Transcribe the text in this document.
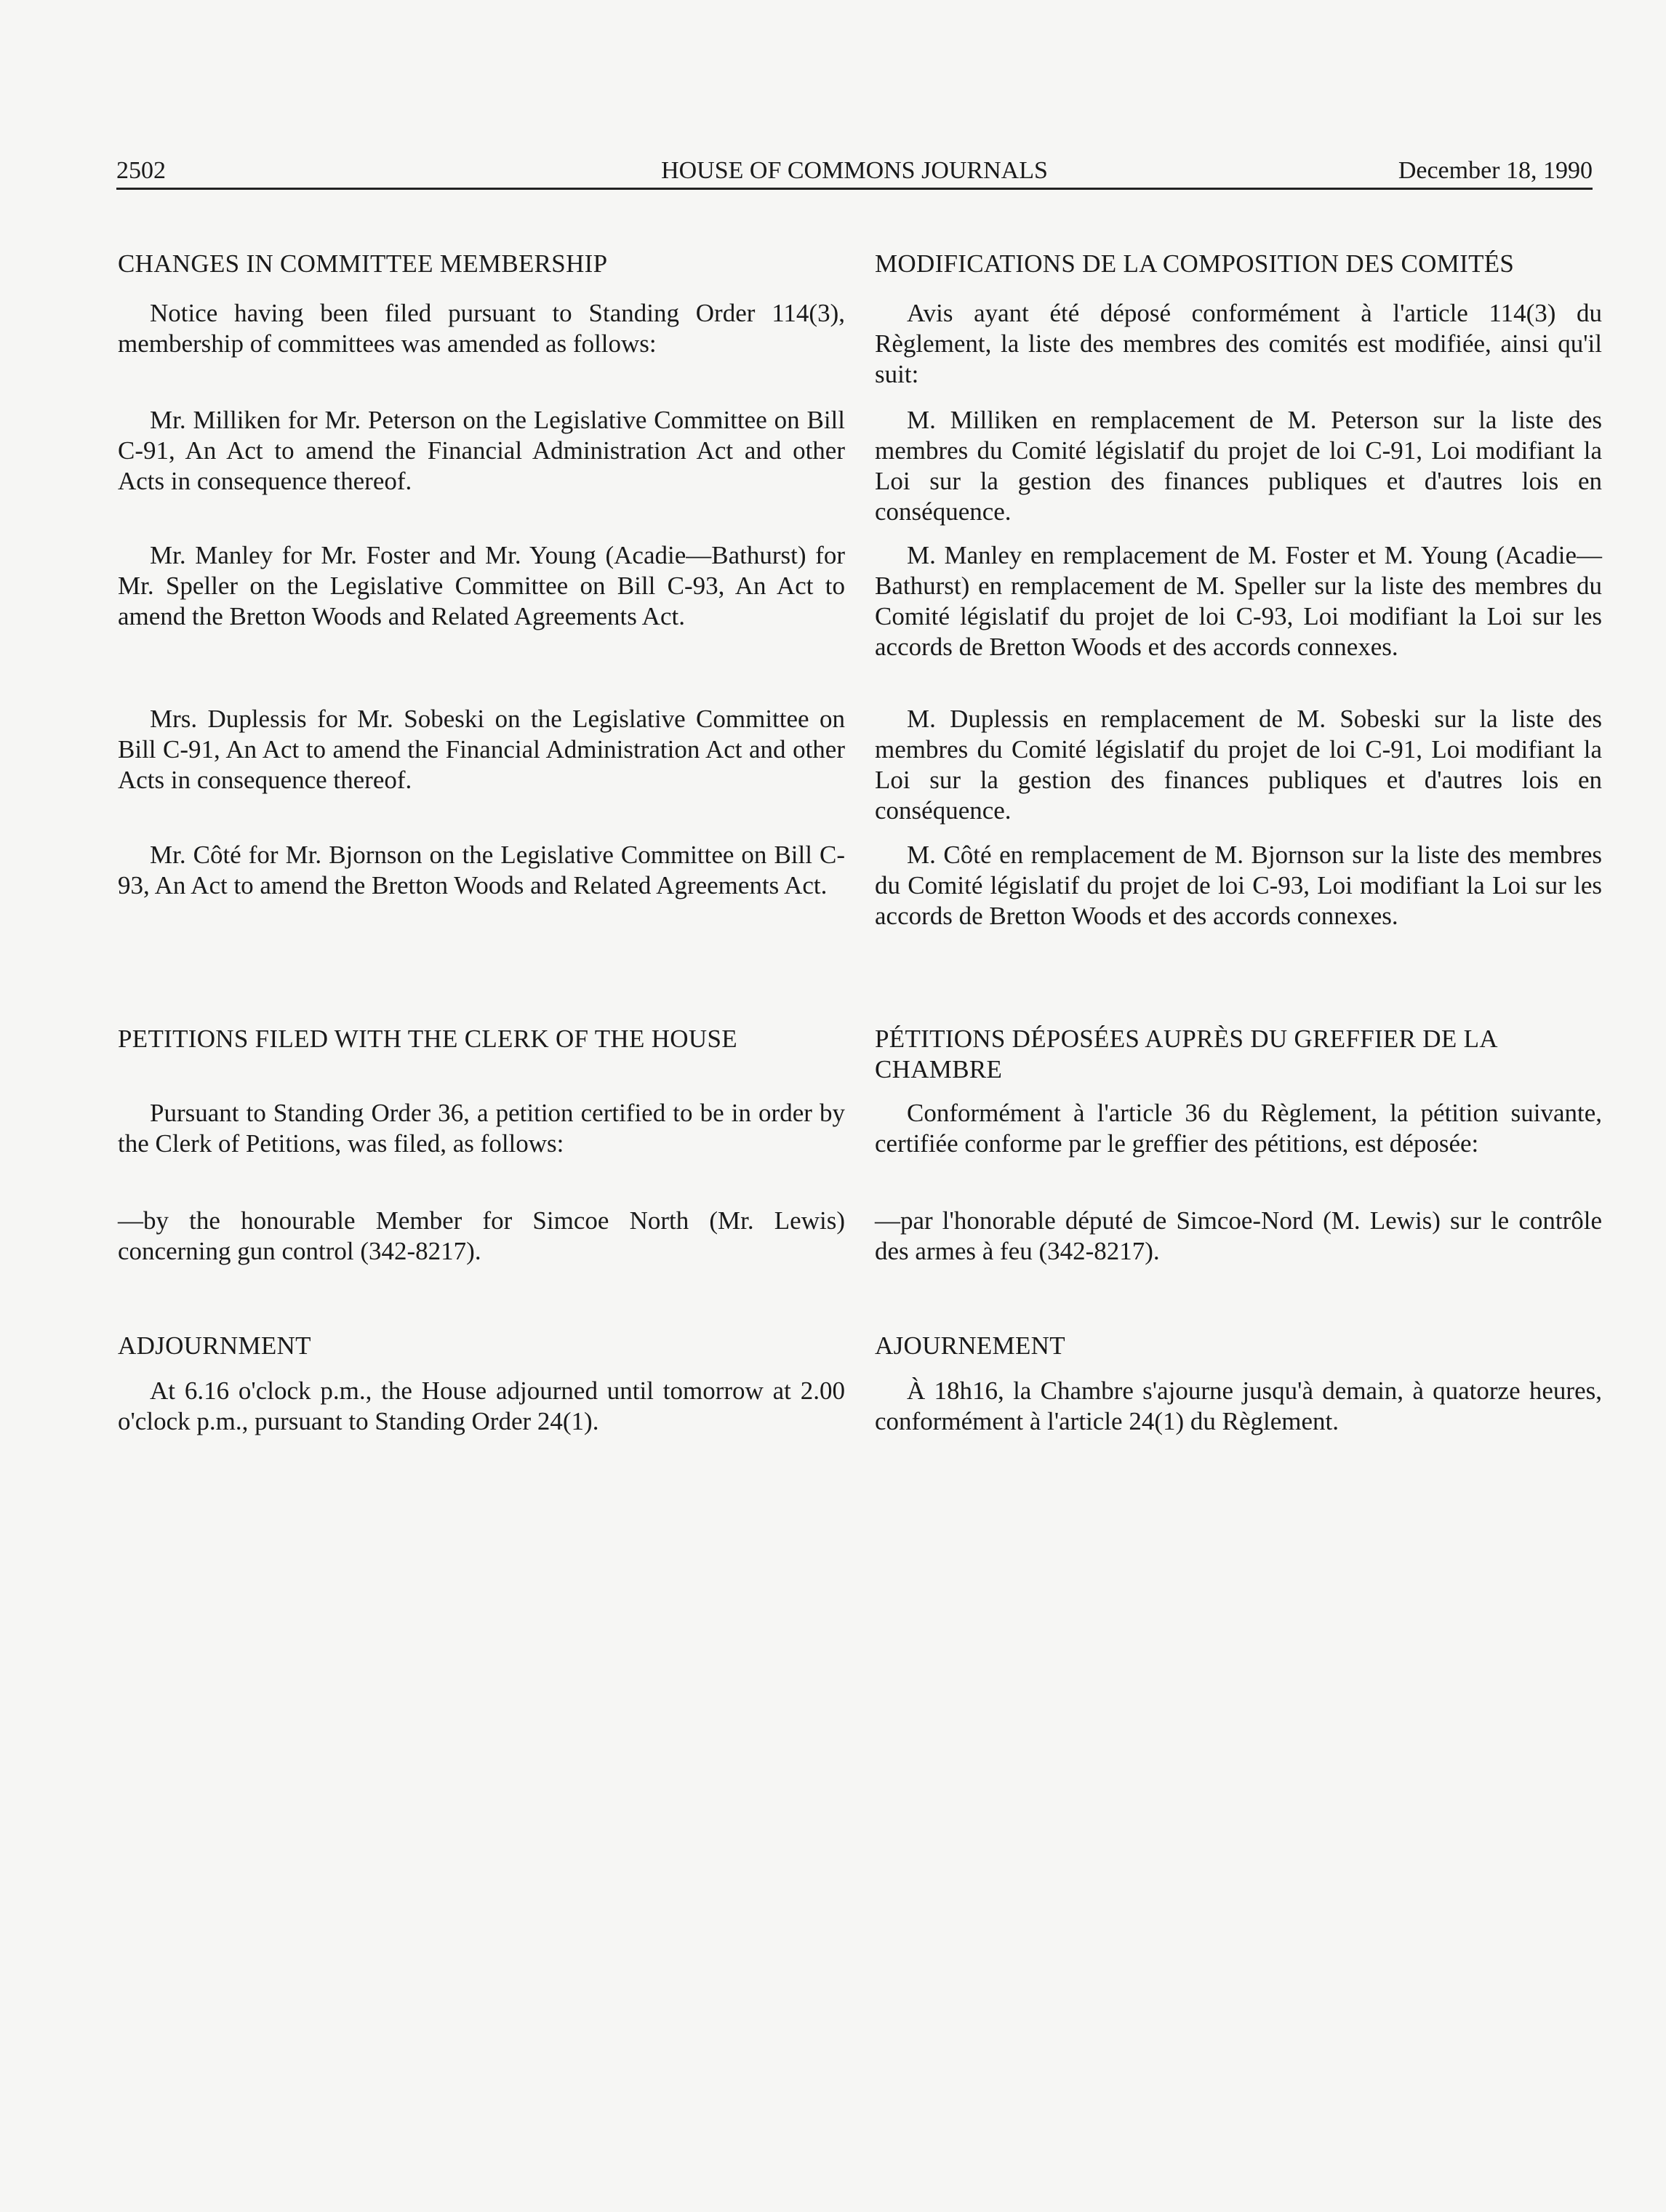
2502	HOUSE OF COMMONS JOURNALS	December 18, 1990
CHANGES IN COMMITTEE MEMBERSHIP

Notice having been filed pursuant to Standing Order 114(3), membership of committees was amended as follows:

Mr. Milliken for Mr. Peterson on the Legislative Committee on Bill C-91, An Act to amend the Financial Administration Act and other Acts in consequence thereof.

Mr. Manley for Mr. Foster and Mr. Young (Acadie—Bathurst) for Mr. Speller on the Legislative Committee on Bill C-93, An Act to amend the Bretton Woods and Related Agreements Act.

Mrs. Duplessis for Mr. Sobeski on the Legislative Committee on Bill C-91, An Act to amend the Financial Administration Act and other Acts in consequence thereof.

Mr. Côté for Mr. Bjornson on the Legislative Committee on Bill C-93, An Act to amend the Bretton Woods and Related Agreements Act.

PETITIONS FILED WITH THE CLERK OF THE HOUSE

Pursuant to Standing Order 36, a petition certified to be in order by the Clerk of Petitions, was filed, as follows:

—by the honourable Member for Simcoe North (Mr. Lewis) concerning gun control (342-8217).

ADJOURNMENT

At 6.16 o'clock p.m., the House adjourned until tomorrow at 2.00 o'clock p.m., pursuant to Standing Order 24(1).

MODIFICATIONS DE LA COMPOSITION DES COMITÉS

Avis ayant été déposé conformément à l'article 114(3) du Règlement, la liste des membres des comités est modifiée, ainsi qu'il suit:

M. Milliken en remplacement de M. Peterson sur la liste des membres du Comité législatif du projet de loi C-91, Loi modifiant la Loi sur la gestion des finances publiques et d'autres lois en conséquence.

M. Manley en remplacement de M. Foster et M. Young (Acadie—Bathurst) en remplacement de M. Speller sur la liste des membres du Comité législatif du projet de loi C-93, Loi modifiant la Loi sur les accords de Bretton Woods et des accords connexes.

M. Duplessis en remplacement de M. Sobeski sur la liste des membres du Comité législatif du projet de loi C-91, Loi modifiant la Loi sur la gestion des finances publiques et d'autres lois en conséquence.

M. Côté en remplacement de M. Bjornson sur la liste des membres du Comité législatif du projet de loi C-93, Loi modifiant la Loi sur les accords de Bretton Woods et des accords connexes.

PÉTITIONS DÉPOSÉES AUPRÈS DU GREFFIER DE LA CHAMBRE

Conformément à l'article 36 du Règlement, la pétition suivante, certifiée conforme par le greffier des pétitions, est déposée:

—par l'honorable député de Simcoe-Nord (M. Lewis) sur le contrôle des armes à feu (342-8217).

AJOURNEMENT

À 18h16, la Chambre s'ajourne jusqu'à demain, à quatorze heures, conformément à l'article 24(1) du Règlement.
